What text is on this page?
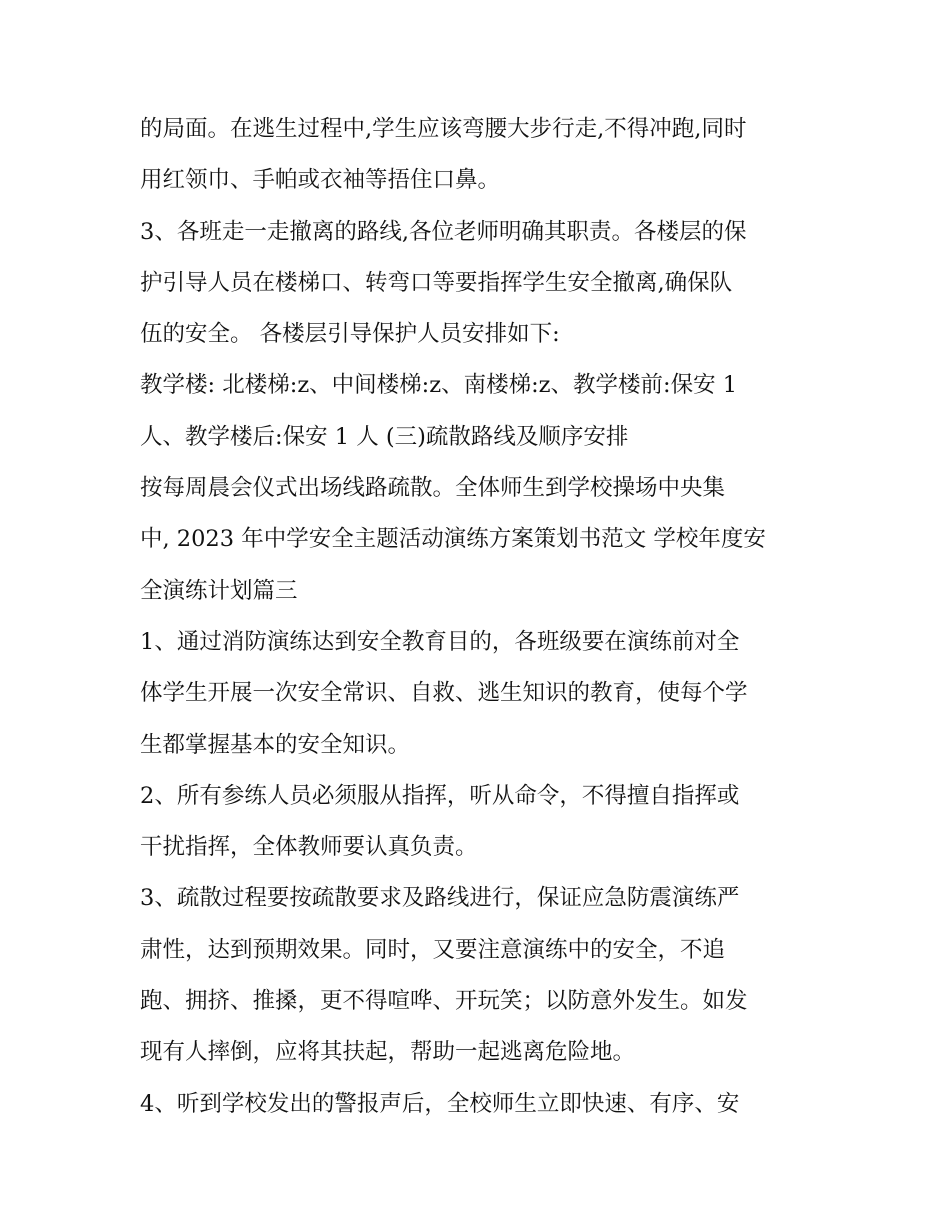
的局面。在逃生过程中,学生应该弯腰大步行走,不得冲跑,同时
用红领巾、手帕或衣袖等捂住口鼻。
3、各班走一走撤离的路线,各位老师明确其职责。各楼层的保
护引导人员在楼梯口、转弯口等要指挥学生安全撤离,确保队
伍的安全。 各楼层引导保护人员安排如下:
教学楼: 北楼梯:z、中间楼梯:z、南楼梯:z、教学楼前:保安 1
人、教学楼后:保安 1 人 (三)疏散路线及顺序安排
按每周晨会仪式出场线路疏散。全体师生到学校操场中央集
中, 2023 年中学安全主题活动演练方案策划书范文 学校年度安
全演练计划篇三
1、通过消防演练达到安全教育目的，各班级要在演练前对全
体学生开展一次安全常识、自救、逃生知识的教育，使每个学
生都掌握基本的安全知识。
2、所有参练人员必须服从指挥，听从命令，不得擅自指挥或
干扰指挥，全体教师要认真负责。
3、疏散过程要按疏散要求及路线进行，保证应急防震演练严
肃性，达到预期效果。同时，又要注意演练中的安全，不追
跑、拥挤、推搡，更不得喧哗、开玩笑；以防意外发生。如发
现有人摔倒，应将其扶起，帮助一起逃离危险地。
4、听到学校发出的警报声后，全校师生立即快速、有序、安
